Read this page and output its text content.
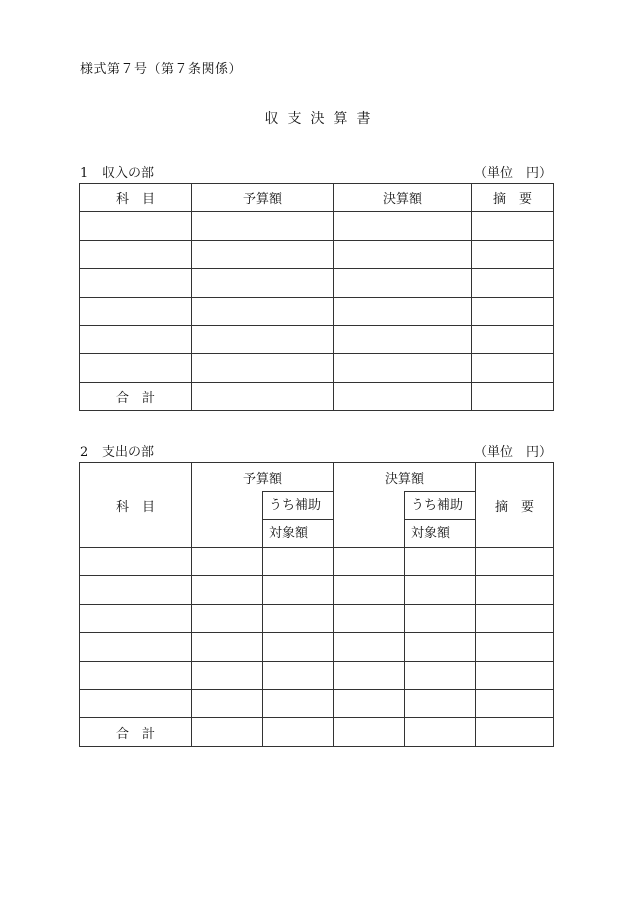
様式第７号（第７条関係）
収支決算書
1 収入の部	（単位　円）
科　目	予算額	決算額	摘　要

合　計			
2 支出の部	（単位　円）
科　目	予算額		決算額		摘　要
		うち補助		うち補助	
		対象額		対象額	

合　計					
